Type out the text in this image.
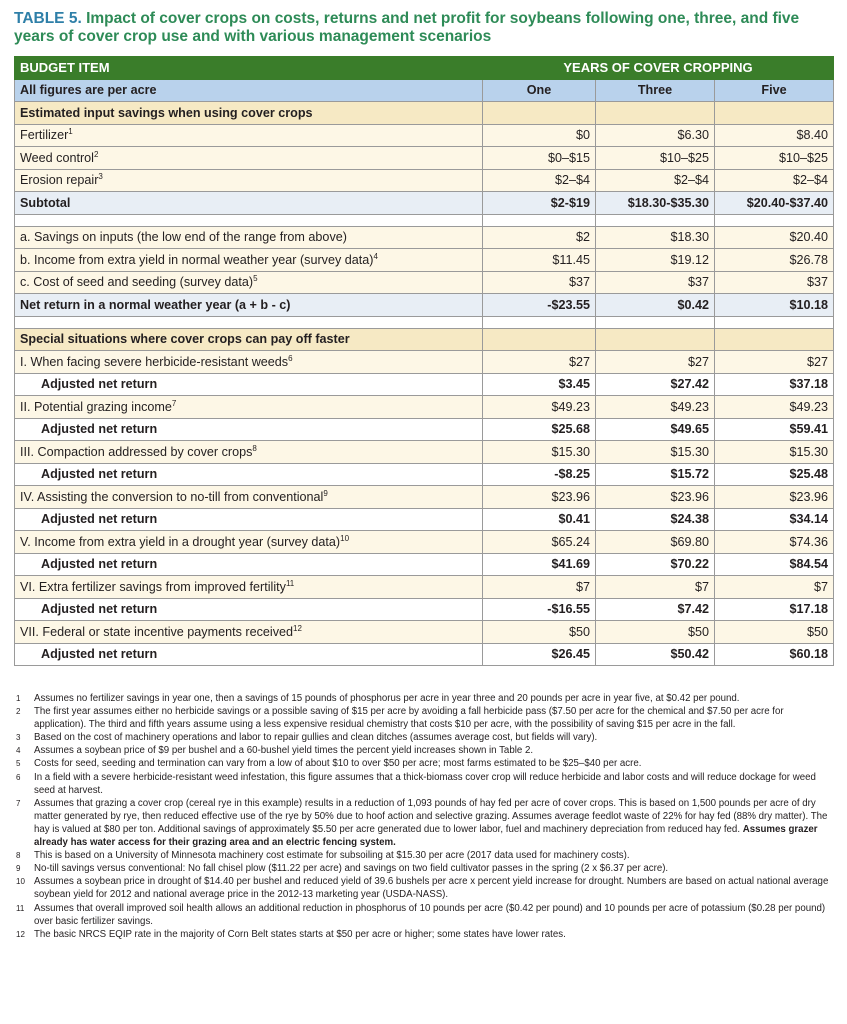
TABLE 5. Impact of cover crops on costs, returns and net profit for soybeans following one, three, and five years of cover crop use and with various management scenarios
BUDGET ITEM	YEARS OF COVER CROPPING		
All figures are per acre	One	Three	Five
Estimated input savings when using cover crops			
Fertilizer$^1$	$0	$6.30	$8.40
Weed control$^2$	$0–$15	$10–$25	$10–$25
Erosion repair$^3$	$2–$4	$2–$4	$2–$4
Subtotal	$2-$19	$18.30-$35.30	$20.40-$37.40

a. Savings on inputs (the low end of the range from above)	$2	$18.30	$20.40
b. Income from extra yield in normal weather year (survey data)$^4$	$11.45	$19.12	$26.78
c. Cost of seed and seeding (survey data)$^5$	$37	$37	$37
Net return in a normal weather year (a + b - c)	-$23.55	$0.42	$10.18

Special situations where cover crops can pay off faster			
I. When facing severe herbicide-resistant weeds$^6$	$27	$27	$27
Adjusted net return	$3.45	$27.42	$37.18
II. Potential grazing income$^7$	$49.23	$49.23	$49.23
Adjusted net return	$25.68	$49.65	$59.41
III. Compaction addressed by cover crops$^8$	$15.30	$15.30	$15.30
Adjusted net return	-$8.25	$15.72	$25.48
IV. Assisting the conversion to no-till from conventional$^9$	$23.96	$23.96	$23.96
Adjusted net return	$0.41	$24.38	$34.14
V. Income from extra yield in a drought year (survey data)$^{10}$	$65.24	$69.80	$74.36
Adjusted net return	$41.69	$70.22	$84.54
VI. Extra fertilizer savings from improved fertility$^{11}$	$7	$7	$7
Adjusted net return	-$16.55	$7.42	$17.18
VII. Federal or state incentive payments received$^{12}$	$50	$50	$50
Adjusted net return	$26.45	$50.42	$60.18
1 Assumes no fertilizer savings in year one, then a savings of 15 pounds of phosphorus per acre in year three and 20 pounds per acre in year five, at $0.42 per pound.
2 The first year assumes either no herbicide savings or a possible saving of $15 per acre by avoiding a fall herbicide pass ($7.50 per acre for the chemical and $7.50 per acre for application). The third and fifth years assume using a less expensive residual chemistry that costs $10 per acre, with the possibility of saving $15 per acre in the fall.
3 Based on the cost of machinery operations and labor to repair gullies and clean ditches (assumes average cost, but fields will vary).
4 Assumes a soybean price of $9 per bushel and a 60-bushel yield times the percent yield increases shown in Table 2.
5 Costs for seed, seeding and termination can vary from a low of about $10 to over $50 per acre; most farms estimated to be $25–$40 per acre.
6 In a field with a severe herbicide-resistant weed infestation, this figure assumes that a thick-biomass cover crop will reduce herbicide and labor costs and will reduce dockage for weed seed at harvest.
7 Assumes that grazing a cover crop (cereal rye in this example) results in a reduction of 1,093 pounds of hay fed per acre of cover crops. This is based on 1,500 pounds per acre of dry matter generated by rye, then reduced effective use of the rye by 50% due to hoof action and selective grazing. Assumes average feedlot waste of 22% for hay fed (88% dry matter). The hay is valued at $80 per ton. Additional savings of approximately $5.50 per acre generated due to lower labor, fuel and machinery depreciation from reduced hay fed. Assumes grazer already has water access for their grazing area and an electric fencing system.
8 This is based on a University of Minnesota machinery cost estimate for subsoiling at $15.30 per acre (2017 data used for machinery costs).
9 No-till savings versus conventional: No fall chisel plow ($11.22 per acre) and savings on two field cultivator passes in the spring (2 x $6.37 per acre).
10 Assumes a soybean price in drought of $14.40 per bushel and reduced yield of 39.6 bushels per acre x percent yield increase for drought. Numbers are based on actual national average soybean yield for 2012 and national average price in the 2012-13 marketing year (USDA-NASS).
11 Assumes that overall improved soil health allows an additional reduction in phosphorus of 10 pounds per acre ($0.42 per pound) and 10 pounds per acre of potassium ($0.28 per pound) over basic fertilizer savings.
12 The basic NRCS EQIP rate in the majority of Corn Belt states starts at $50 per acre or higher; some states have lower rates.
